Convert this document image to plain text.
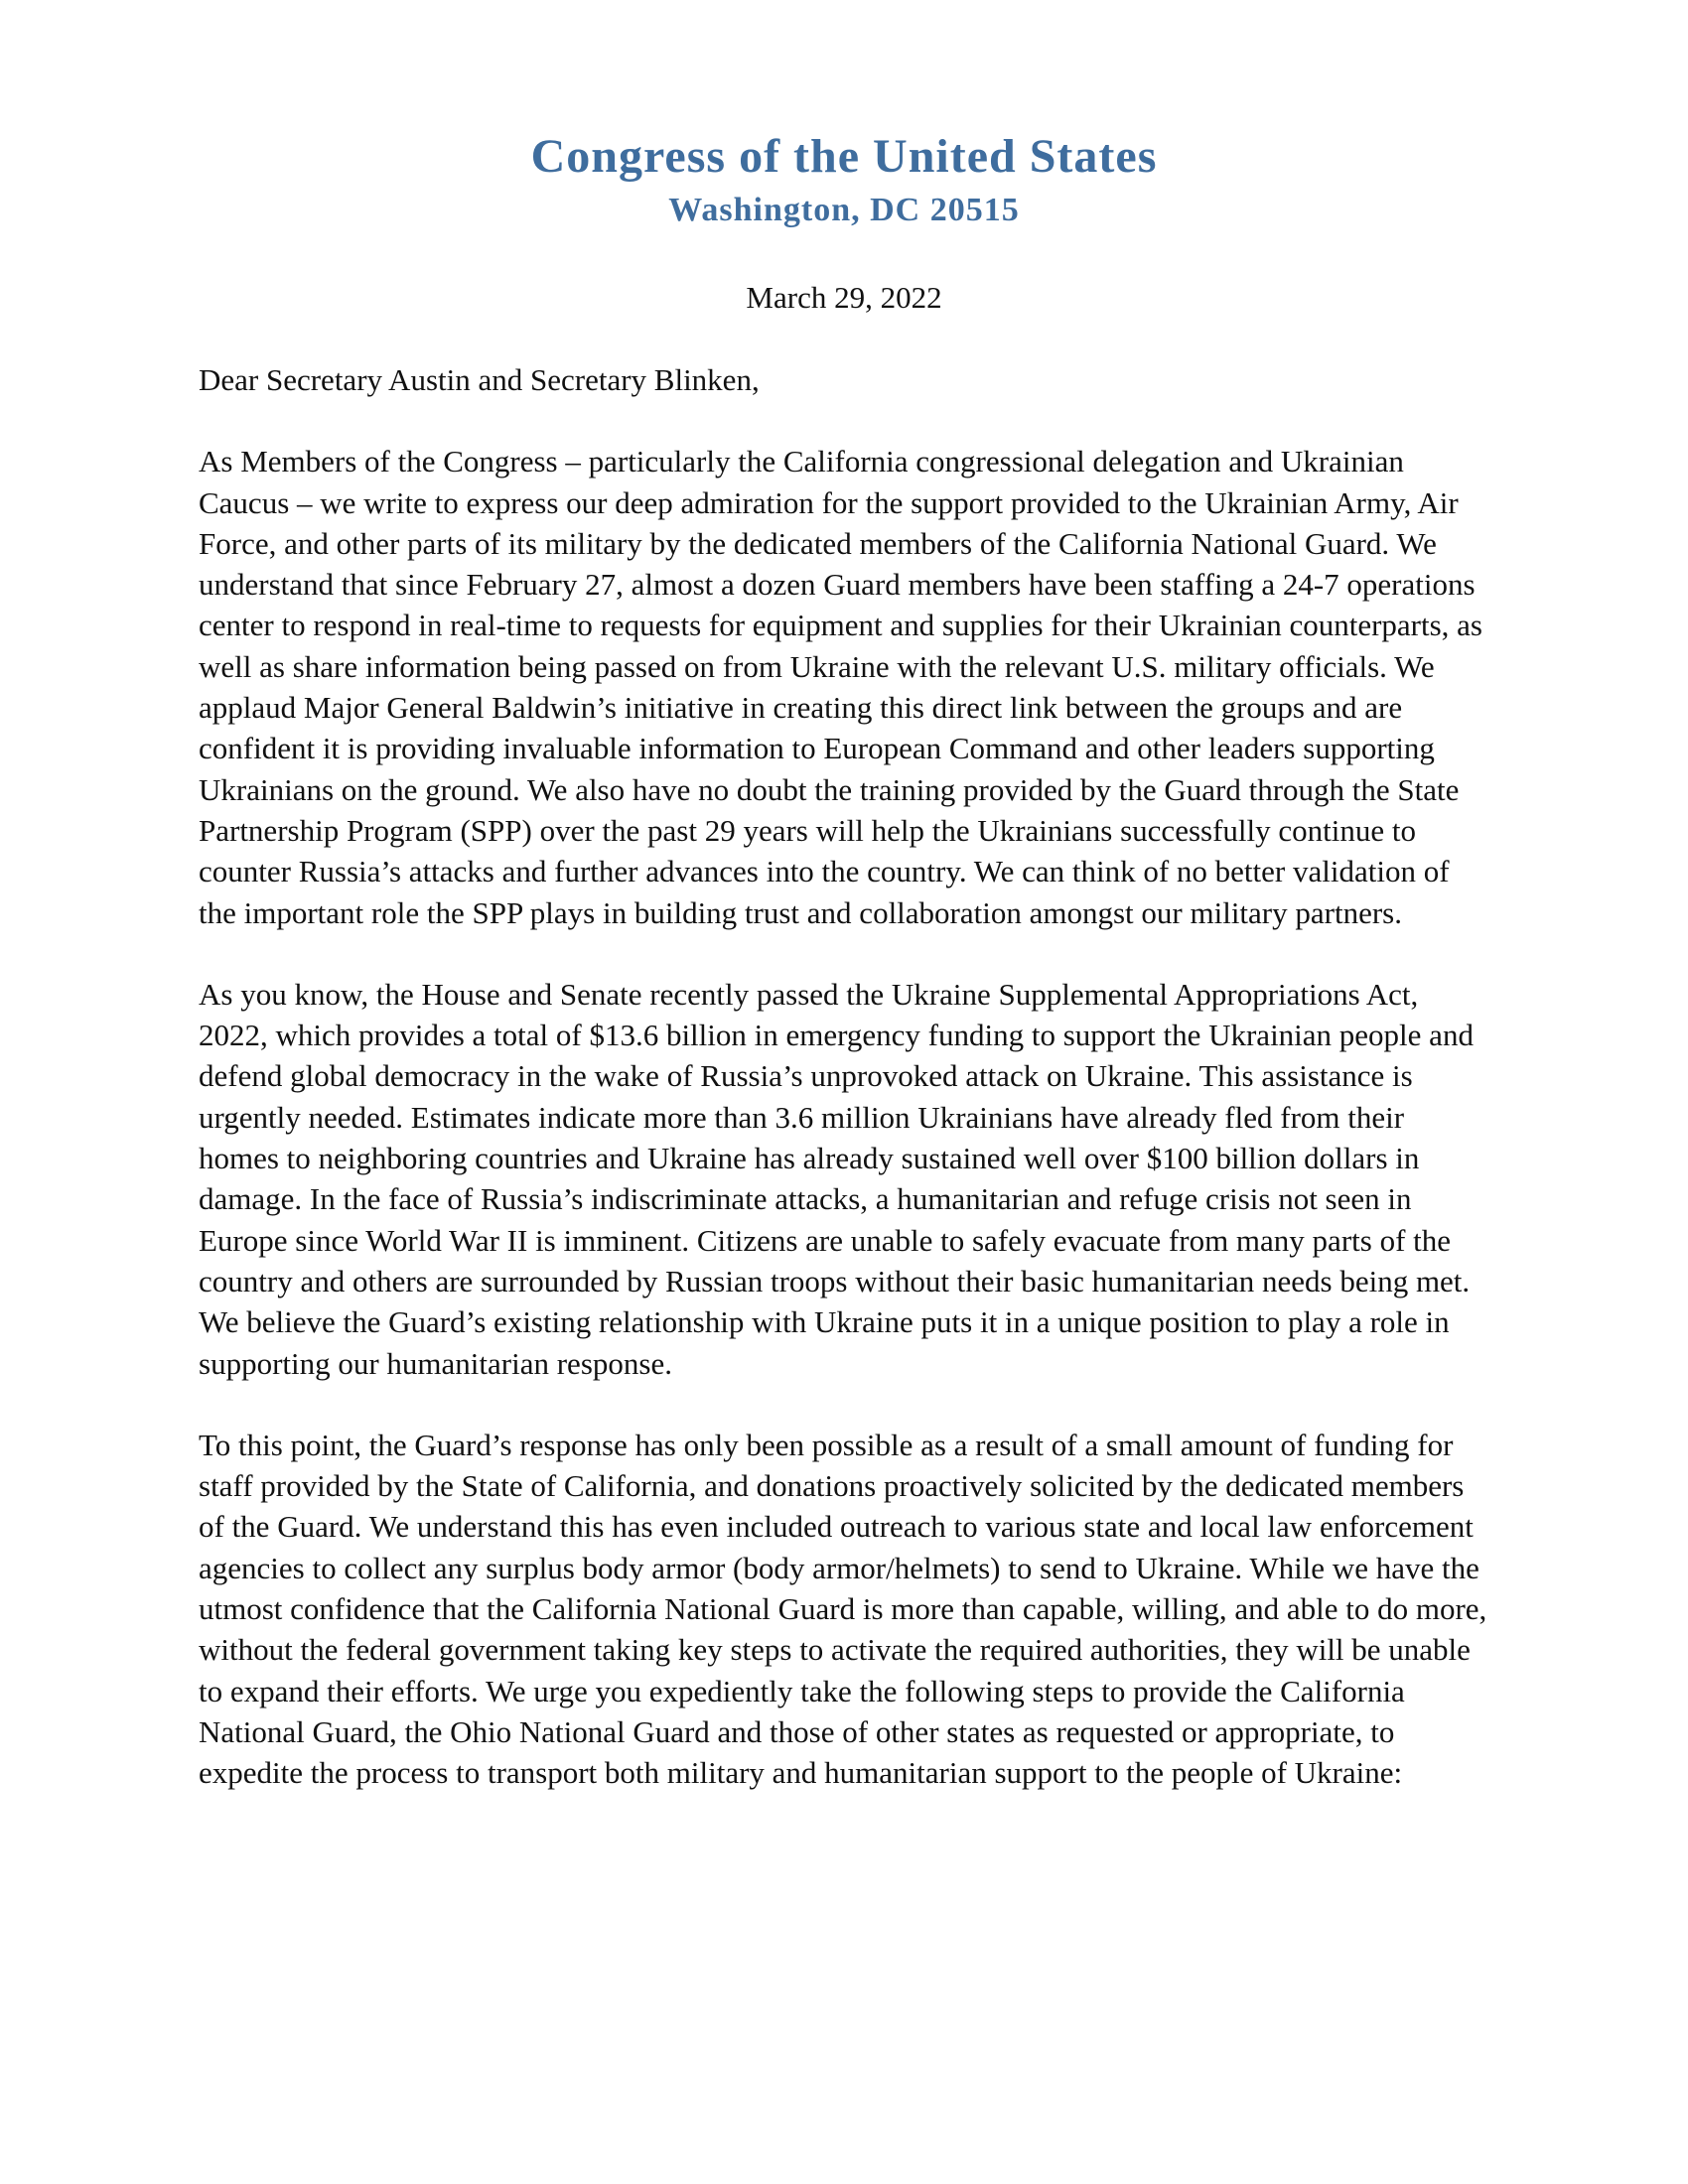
Congress of the United States
Washington, DC 20515
March 29, 2022

Dear Secretary Austin and Secretary Blinken,

As Members of the Congress – particularly the California congressional delegation and Ukrainian Caucus – we write to express our deep admiration for the support provided to the Ukrainian Army, Air Force, and other parts of its military by the dedicated members of the California National Guard. We understand that since February 27, almost a dozen Guard members have been staffing a 24-7 operations center to respond in real-time to requests for equipment and supplies for their Ukrainian counterparts, as well as share information being passed on from Ukraine with the relevant U.S. military officials. We applaud Major General Baldwin’s initiative in creating this direct link between the groups and are confident it is providing invaluable information to European Command and other leaders supporting Ukrainians on the ground. We also have no doubt the training provided by the Guard through the State Partnership Program (SPP) over the past 29 years will help the Ukrainians successfully continue to counter Russia’s attacks and further advances into the country. We can think of no better validation of the important role the SPP plays in building trust and collaboration amongst our military partners.

As you know, the House and Senate recently passed the Ukraine Supplemental Appropriations Act, 2022, which provides a total of $13.6 billion in emergency funding to support the Ukrainian people and defend global democracy in the wake of Russia’s unprovoked attack on Ukraine. This assistance is urgently needed. Estimates indicate more than 3.6 million Ukrainians have already fled from their homes to neighboring countries and Ukraine has already sustained well over $100 billion dollars in damage. In the face of Russia’s indiscriminate attacks, a humanitarian and refuge crisis not seen in Europe since World War II is imminent. Citizens are unable to safely evacuate from many parts of the country and others are surrounded by Russian troops without their basic humanitarian needs being met. We believe the Guard’s existing relationship with Ukraine puts it in a unique position to play a role in supporting our humanitarian response.

To this point, the Guard’s response has only been possible as a result of a small amount of funding for staff provided by the State of California, and donations proactively solicited by the dedicated members of the Guard. We understand this has even included outreach to various state and local law enforcement agencies to collect any surplus body armor (body armor/helmets) to send to Ukraine. While we have the utmost confidence that the California National Guard is more than capable, willing, and able to do more, without the federal government taking key steps to activate the required authorities, they will be unable to expand their efforts. We urge you expediently take the following steps to provide the California National Guard, the Ohio National Guard and those of other states as requested or appropriate, to expedite the process to transport both military and humanitarian support to the people of Ukraine:
